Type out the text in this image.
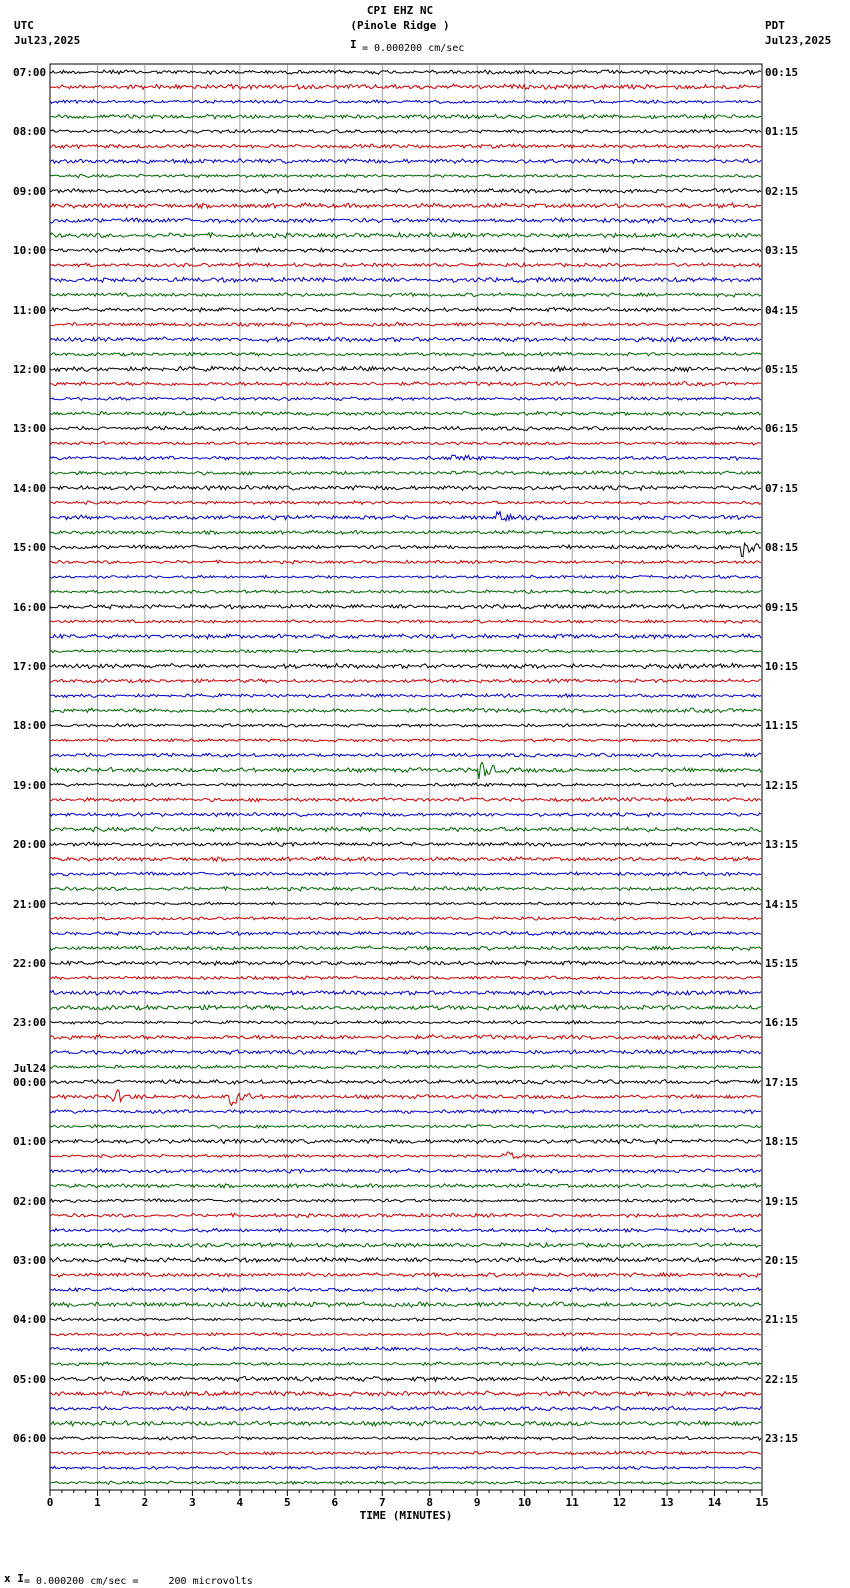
0	1	2	3	4	5	6	7	8	9	10	11	12	13	14	15
TIME (MINUTES)
CPI EHZ NC
(Pinole Ridge )
I = 0.000200 cm/sec
UTC
Jul23,2025
PDT
Jul23,2025
07:00
08:00
09:00
10:00
11:00
12:00
13:00
14:00
15:00
16:00
17:00
18:00
19:00
20:00
21:00
22:00
23:00
00:00
Jul24
01:00
02:00
03:00
04:00
05:00
06:00
00:15
01:15
02:15
03:15
04:15
05:15
06:15
07:15
08:15
09:15
10:15
11:15
12:15
13:15
14:15
15:15
16:15
17:15
18:15
19:15
20:15
21:15
22:15
23:15
x I = 0.000200 cm/sec =     200 microvolts
